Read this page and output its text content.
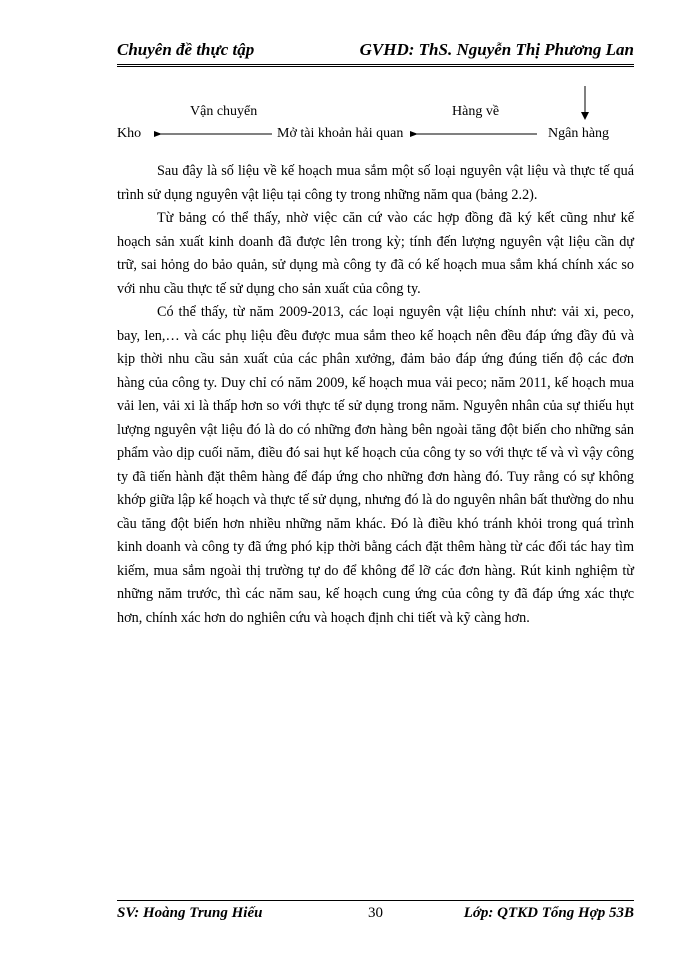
Chuyên đề thực tập	GVHD: ThS. Nguyễn Thị Phương Lan
Vận chuyển	Hàng về
Kho	Mở tài khoản hải quan	Ngân hàng

Sau đây là số liệu về kế hoạch mua sắm một số loại nguyên vật liệu và thực tế quá trình sử dụng nguyên vật liệu tại công ty trong những năm qua (bảng 2.2).

Từ bảng có thể thấy, nhờ việc căn cứ vào các hợp đồng đã ký kết cũng như kế hoạch sản xuất kinh doanh đã được lên trong kỳ; tính đến lượng nguyên vật liệu cần dự trữ, sai hỏng do bảo quản, sử dụng mà công ty đã có kế hoạch mua sắm khá chính xác so với nhu cầu thực tế sử dụng cho sản xuất của công ty.

Có thể thấy, từ năm 2009-2013, các loại nguyên vật liệu chính như: vải xi, peco, bay, len,… và các phụ liệu đều được mua sắm theo kế hoạch nên đều đáp ứng đầy đủ và kịp thời nhu cầu sản xuất của các phân xưởng, đảm bảo đáp ứng đúng tiến độ các đơn hàng của công ty. Duy chỉ có năm 2009, kế hoạch mua vải peco; năm 2011, kế hoạch mua vải len, vải xi là thấp hơn so với thực tế sử dụng trong năm. Nguyên nhân của sự thiếu hụt lượng nguyên vật liệu đó là do có những đơn hàng bên ngoài tăng đột biến cho những sản phẩm vào dịp cuối năm, điều đó sai hụt kế hoạch của công ty so với thực tế và vì vậy công ty đã tiến hành đặt thêm hàng để đáp ứng cho những đơn hàng đó. Tuy rằng có sự không khớp giữa lập kế hoạch và thực tế sử dụng, nhưng đó là do nguyên nhân bất thường do nhu cầu tăng đột biến hơn nhiều những năm khác. Đó là điều khó tránh khỏi trong quá trình kinh doanh và công ty đã ứng phó kịp thời bằng cách đặt thêm hàng từ các đối tác hay tìm kiếm, mua sắm ngoài thị trường tự do để không để lỡ các đơn hàng. Rút kinh nghiệm từ những năm trước, thì các năm sau, kế hoạch cung ứng của công ty đã đáp ứng xác thực hơn, chính xác hơn do nghiên cứu và hoạch định chi tiết và kỹ càng hơn.

30
SV: Hoàng Trung Hiếu	Lớp: QTKD Tổng Hợp 53B
